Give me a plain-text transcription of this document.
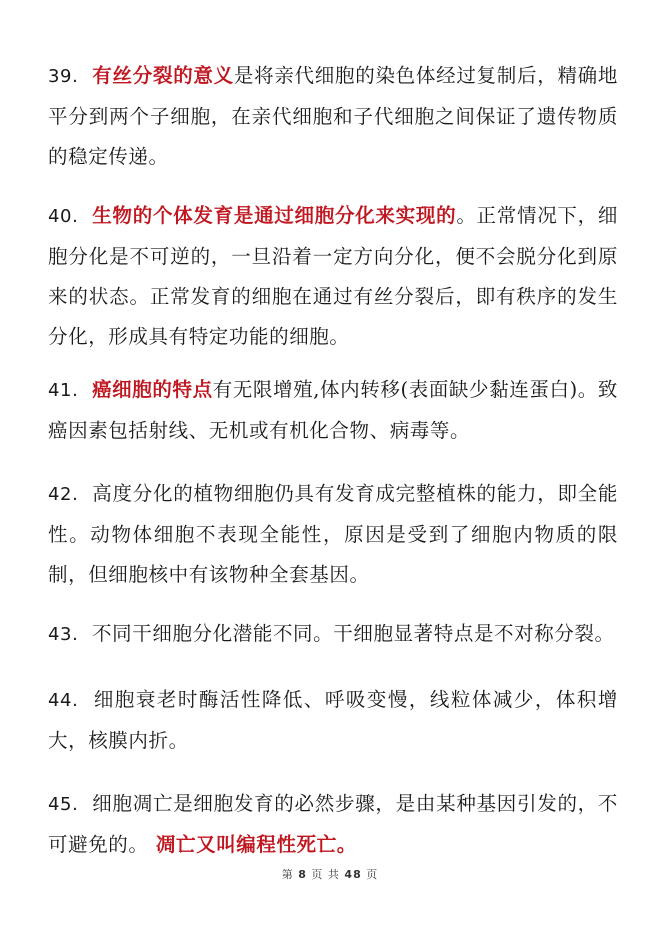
39. 有丝分裂的意义是将亲代细胞的染色体经过复制后，精确地平分到两个子细胞，在亲代细胞和子代细胞之间保证了遗传物质的稳定传递。
40. 生物的个体发育是通过细胞分化来实现的。正常情况下，细胞分化是不可逆的，一旦沿着一定方向分化，便不会脱分化到原来的状态。正常发育的细胞在通过有丝分裂后，即有秩序的发生分化，形成具有特定功能的细胞。
41. 癌细胞的特点有无限增殖,体内转移(表面缺少黏连蛋白)。致癌因素包括射线、无机或有机化合物、病毒等。
42. 高度分化的植物细胞仍具有发育成完整植株的能力，即全能性。动物体细胞不表现全能性，原因是受到了细胞内物质的限制，但细胞核中有该物种全套基因。
43. 不同干细胞分化潜能不同。干细胞显著特点是不对称分裂。
44. 细胞衰老时酶活性降低、呼吸变慢，线粒体减少，体积增大，核膜内折。
45. 细胞凋亡是细胞发育的必然步骤，是由某种基因引发的，不可避免的。 凋亡又叫编程性死亡。
第 8 页 共 48 页
